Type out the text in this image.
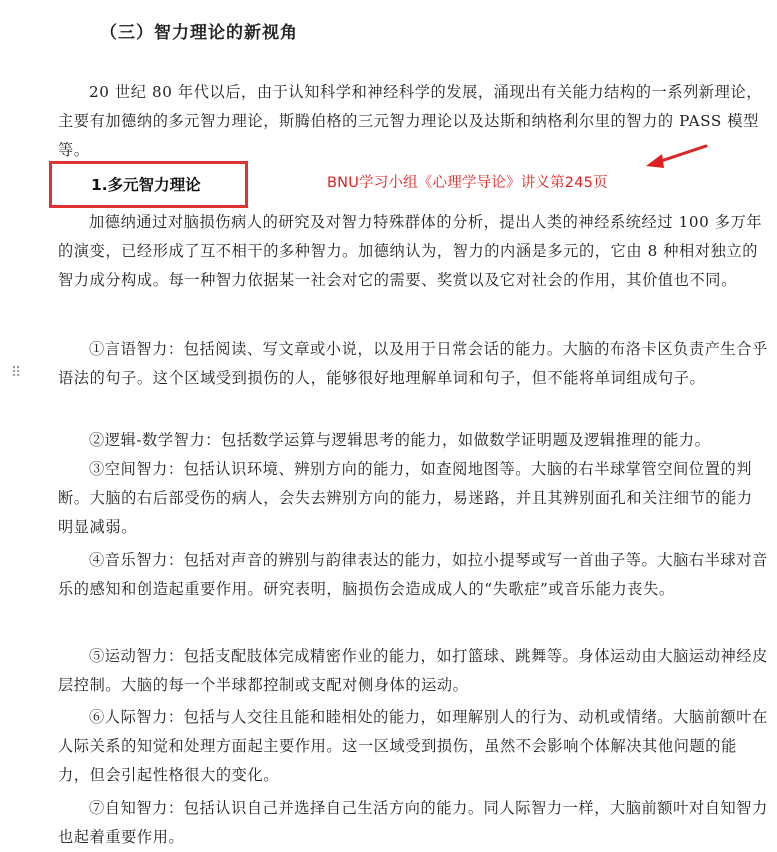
（三）智力理论的新视角
20 世纪 80 年代以后，由于认知科学和神经科学的发展，涌现出有关能力结构的一系列新理论，主要有加德纳的多元智力理论，斯腾伯格的三元智力理论以及达斯和纳格利尔里的智力的 PASS 模型等。
1.多元智力理论	BNU学习小组《心理学导论》讲义第245页
⠿
加德纳通过对脑损伤病人的研究及对智力特殊群体的分析，提出人类的神经系统经过 100 多万年的演变，已经形成了互不相干的多种智力。加德纳认为，智力的内涵是多元的，它由 8 种相对独立的智力成分构成。每一种智力依据某一社会对它的需要、奖赏以及它对社会的作用，其价值也不同。
①言语智力：包括阅读、写文章或小说，以及用于日常会话的能力。大脑的布洛卡区负责产生合乎语法的句子。这个区域受到损伤的人，能够很好地理解单词和句子，但不能将单词组成句子。
②逻辑-数学智力：包括数学运算与逻辑思考的能力，如做数学证明题及逻辑推理的能力。
③空间智力：包括认识环境、辨别方向的能力，如查阅地图等。大脑的右半球掌管空间位置的判断。大脑的右后部受伤的病人，会失去辨别方向的能力，易迷路，并且其辨别面孔和关注细节的能力明显减弱。
④音乐智力：包括对声音的辨别与韵律表达的能力，如拉小提琴或写一首曲子等。大脑右半球对音乐的感知和创造起重要作用。研究表明，脑损伤会造成成人的“失歌症”或音乐能力丧失。
⑤运动智力：包括支配肢体完成精密作业的能力，如打篮球、跳舞等。身体运动由大脑运动神经皮层控制。大脑的每一个半球都控制或支配对侧身体的运动。
⑥人际智力：包括与人交往且能和睦相处的能力，如理解别人的行为、动机或情绪。大脑前额叶在人际关系的知觉和处理方面起主要作用。这一区域受到损伤，虽然不会影响个体解决其他问题的能力，但会引起性格很大的变化。
⑦自知智力：包括认识自己并选择自己生活方向的能力。同人际智力一样，大脑前额叶对自知智力也起着重要作用。
